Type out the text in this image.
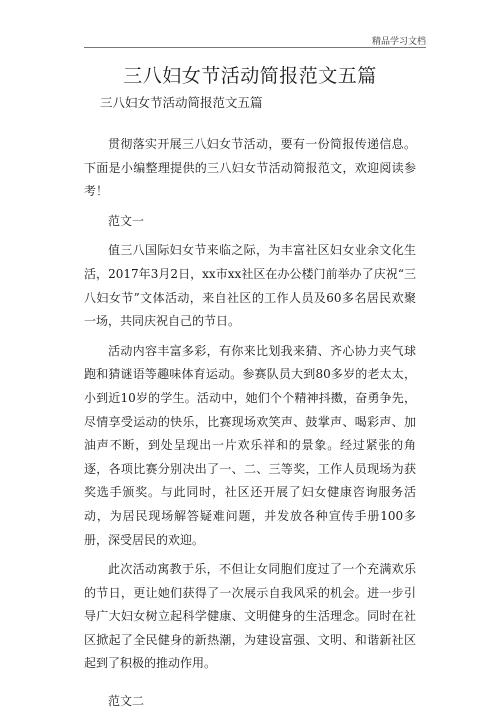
精品学习文档
三八妇女节活动简报范文五篇
三八妇女节活动简报范文五篇

贯彻落实开展三八妇女节活动，要有一份简报传递信息。下面是小编整理提供的三八妇女节活动简报范文，欢迎阅读参考！

范文一

值三八国际妇女节来临之际，为丰富社区妇女业余文化生活，2017年3月2日，xx市xx社区在办公楼门前举办了庆祝“三八妇女节”文体活动，来自社区的工作人员及60多名居民欢聚一场，共同庆祝自己的节日。

活动内容丰富多彩，有你来比划我来猜、齐心协力夹气球跑和猜谜语等趣味体育运动。参赛队员大到80多岁的老太太，小到近10岁的学生。活动中，她们个个精神抖擞，奋勇争先，尽情享受运动的快乐，比赛现场欢笑声、鼓掌声、喝彩声、加油声不断，到处呈现出一片欢乐祥和的景象。经过紧张的角逐，各项比赛分别决出了一、二、三等奖，工作人员现场为获奖选手颁奖。与此同时，社区还开展了妇女健康咨询服务活动，为居民现场解答疑难问题，并发放各种宣传手册100多册，深受居民的欢迎。

此次活动寓教于乐，不但让女同胞们度过了一个充满欢乐的节日，更让她们获得了一次展示自我风采的机会。进一步引导广大妇女树立起科学健康、文明健身的生活理念。同时在社区掀起了全民健身的新热潮，为建设富强、文明、和谐新社区起到了积极的推动作用。

范文二
